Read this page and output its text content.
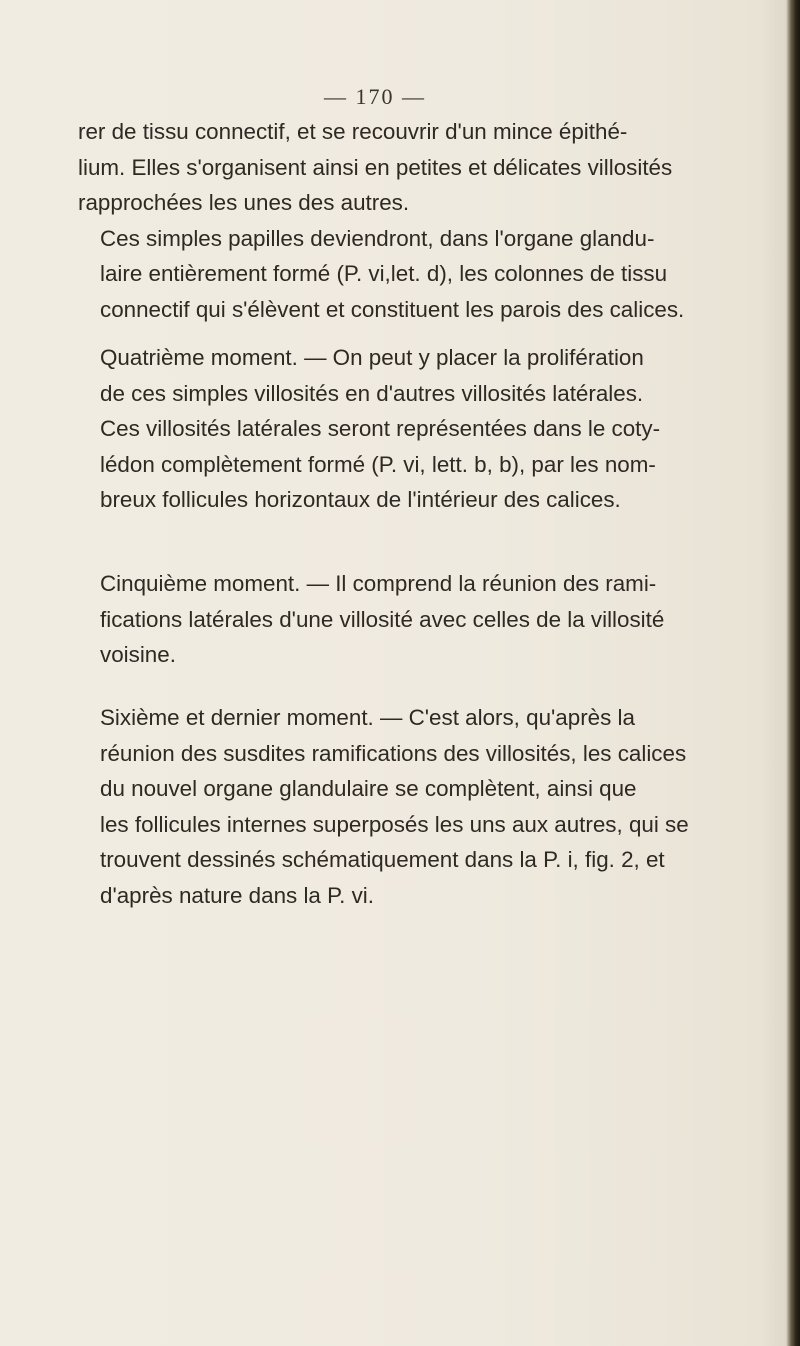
— 170 —

rer de tissu connectif, et se recouvrir d'un mince épithé-
lium. Elles s'organisent ainsi en petites et délicates villosités
rapprochées les unes des autres.

Ces simples papilles deviendront, dans l'organe glandu-
laire entièrement formé (P. vi,let. d), les colonnes de tissu
connectif qui s'élèvent et constituent les parois des calices.

Quatrième moment. — On peut y placer la prolifération
de ces simples villosités en d'autres villosités latérales.

Ces villosités latérales seront représentées dans le coty-
lédon complètement formé (P. vi, lett. b, b), par les nom-
breux follicules horizontaux de l'intérieur des calices.

Cinquième moment. — Il comprend la réunion des rami-
fications latérales d'une villosité avec celles de la villosité
voisine.

Sixième et dernier moment. — C'est alors, qu'après la
réunion des susdites ramifications des villosités, les calices
du nouvel organe glandulaire se complètent, ainsi que
les follicules internes superposés les uns aux autres, qui se
trouvent dessinés schématiquement dans la P. i, fig. 2, et
d'après nature dans la P. vi.
